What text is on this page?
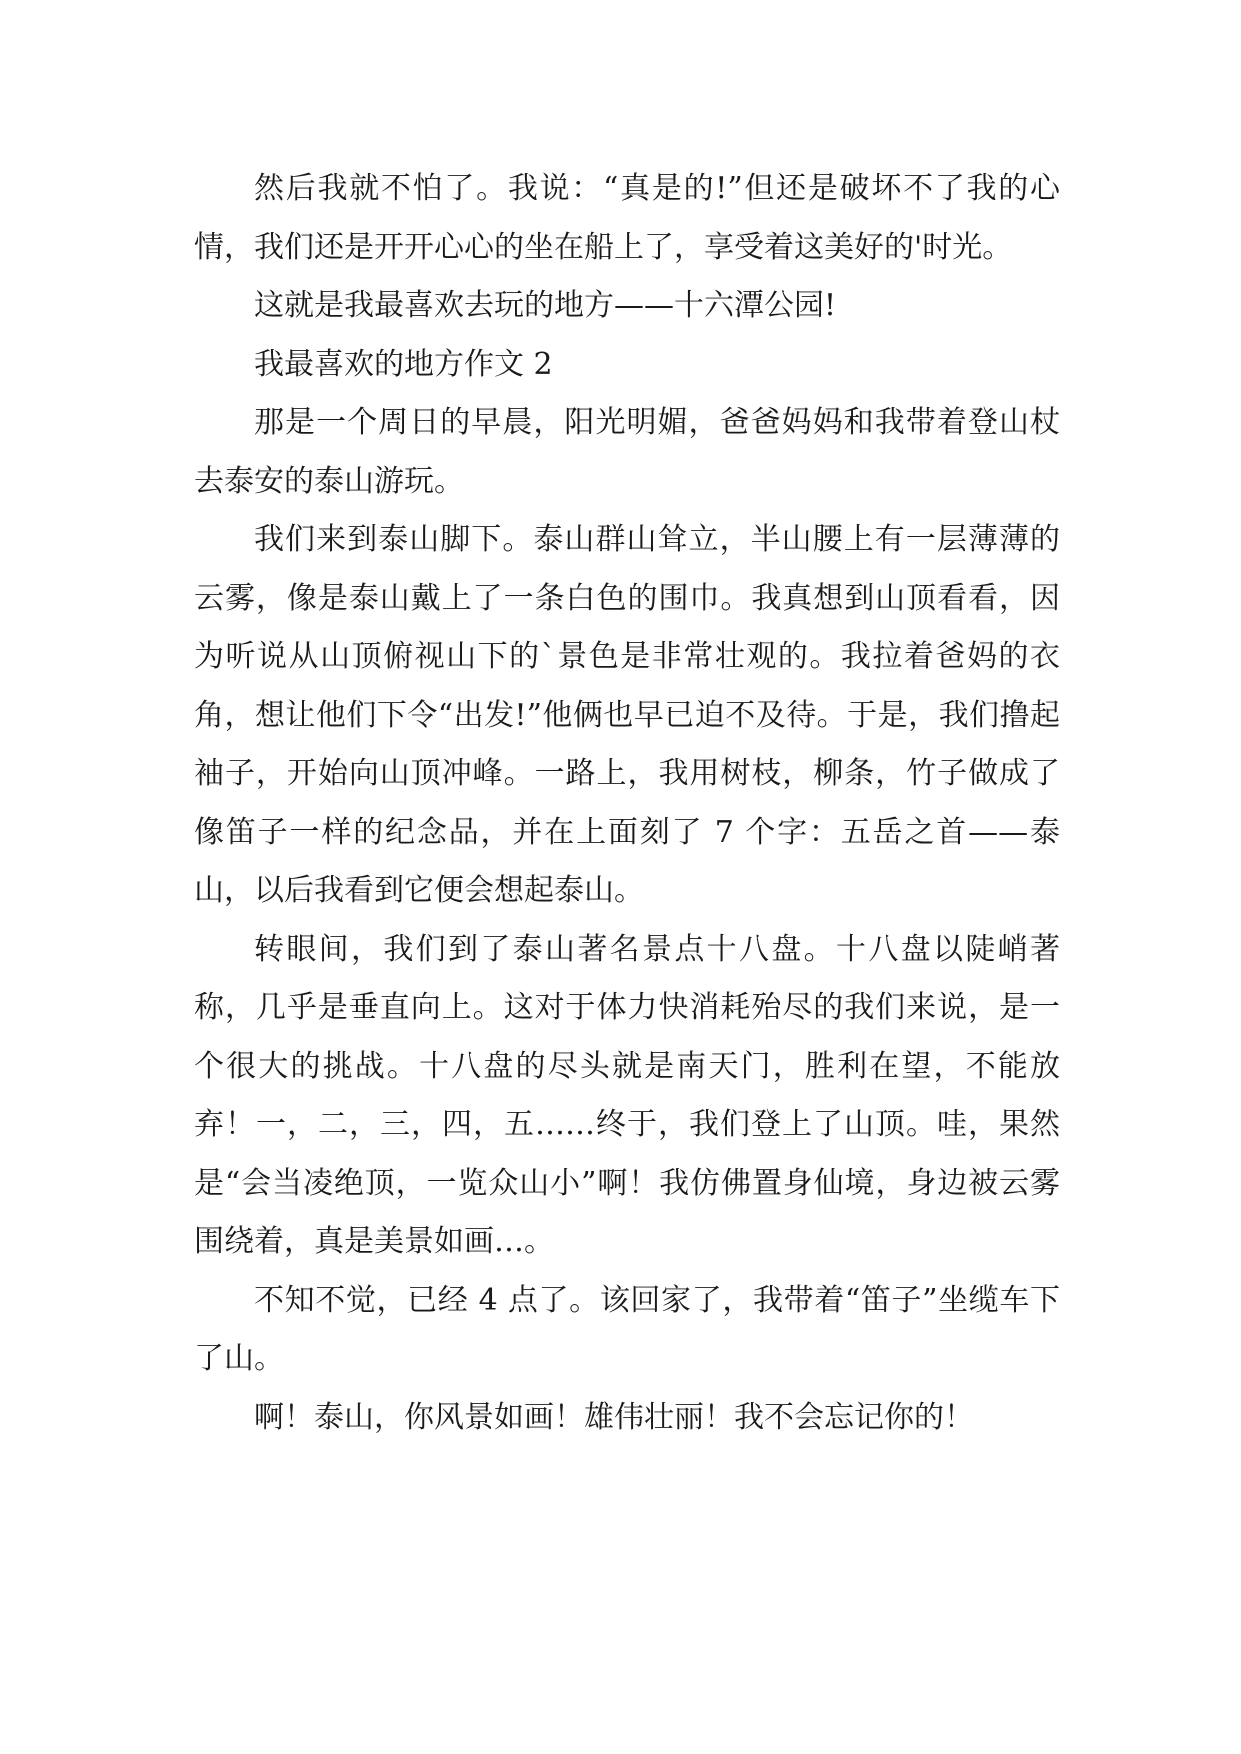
然后我就不怕了。我说：“真是的!”但还是破坏不了我的心情，我们还是开开心心的坐在船上了，享受着这美好的'时光。

这就是我最喜欢去玩的地方——十六潭公园!

我最喜欢的地方作文 2

那是一个周日的早晨，阳光明媚，爸爸妈妈和我带着登山杖去泰安的泰山游玩。

我们来到泰山脚下。泰山群山耸立，半山腰上有一层薄薄的云雾，像是泰山戴上了一条白色的围巾。我真想到山顶看看，因为听说从山顶俯视山下的`景色是非常壮观的。我拉着爸妈的衣角，想让他们下令“出发!”他俩也早已迫不及待。于是，我们撸起袖子，开始向山顶冲峰。一路上，我用树枝，柳条，竹子做成了像笛子一样的纪念品，并在上面刻了 7 个字：五岳之首——泰山，以后我看到它便会想起泰山。

转眼间，我们到了泰山著名景点十八盘。十八盘以陡峭著称，几乎是垂直向上。这对于体力快消耗殆尽的我们来说，是一个很大的挑战。十八盘的尽头就是南天门，胜利在望，不能放弃！一，二，三，四，五……终于，我们登上了山顶。哇，果然是“会当凌绝顶，一览众山小”啊！我仿佛置身仙境，身边被云雾围绕着，真是美景如画…。

不知不觉，已经 4 点了。该回家了，我带着“笛子”坐缆车下了山。

啊！泰山，你风景如画！雄伟壮丽！我不会忘记你的！
